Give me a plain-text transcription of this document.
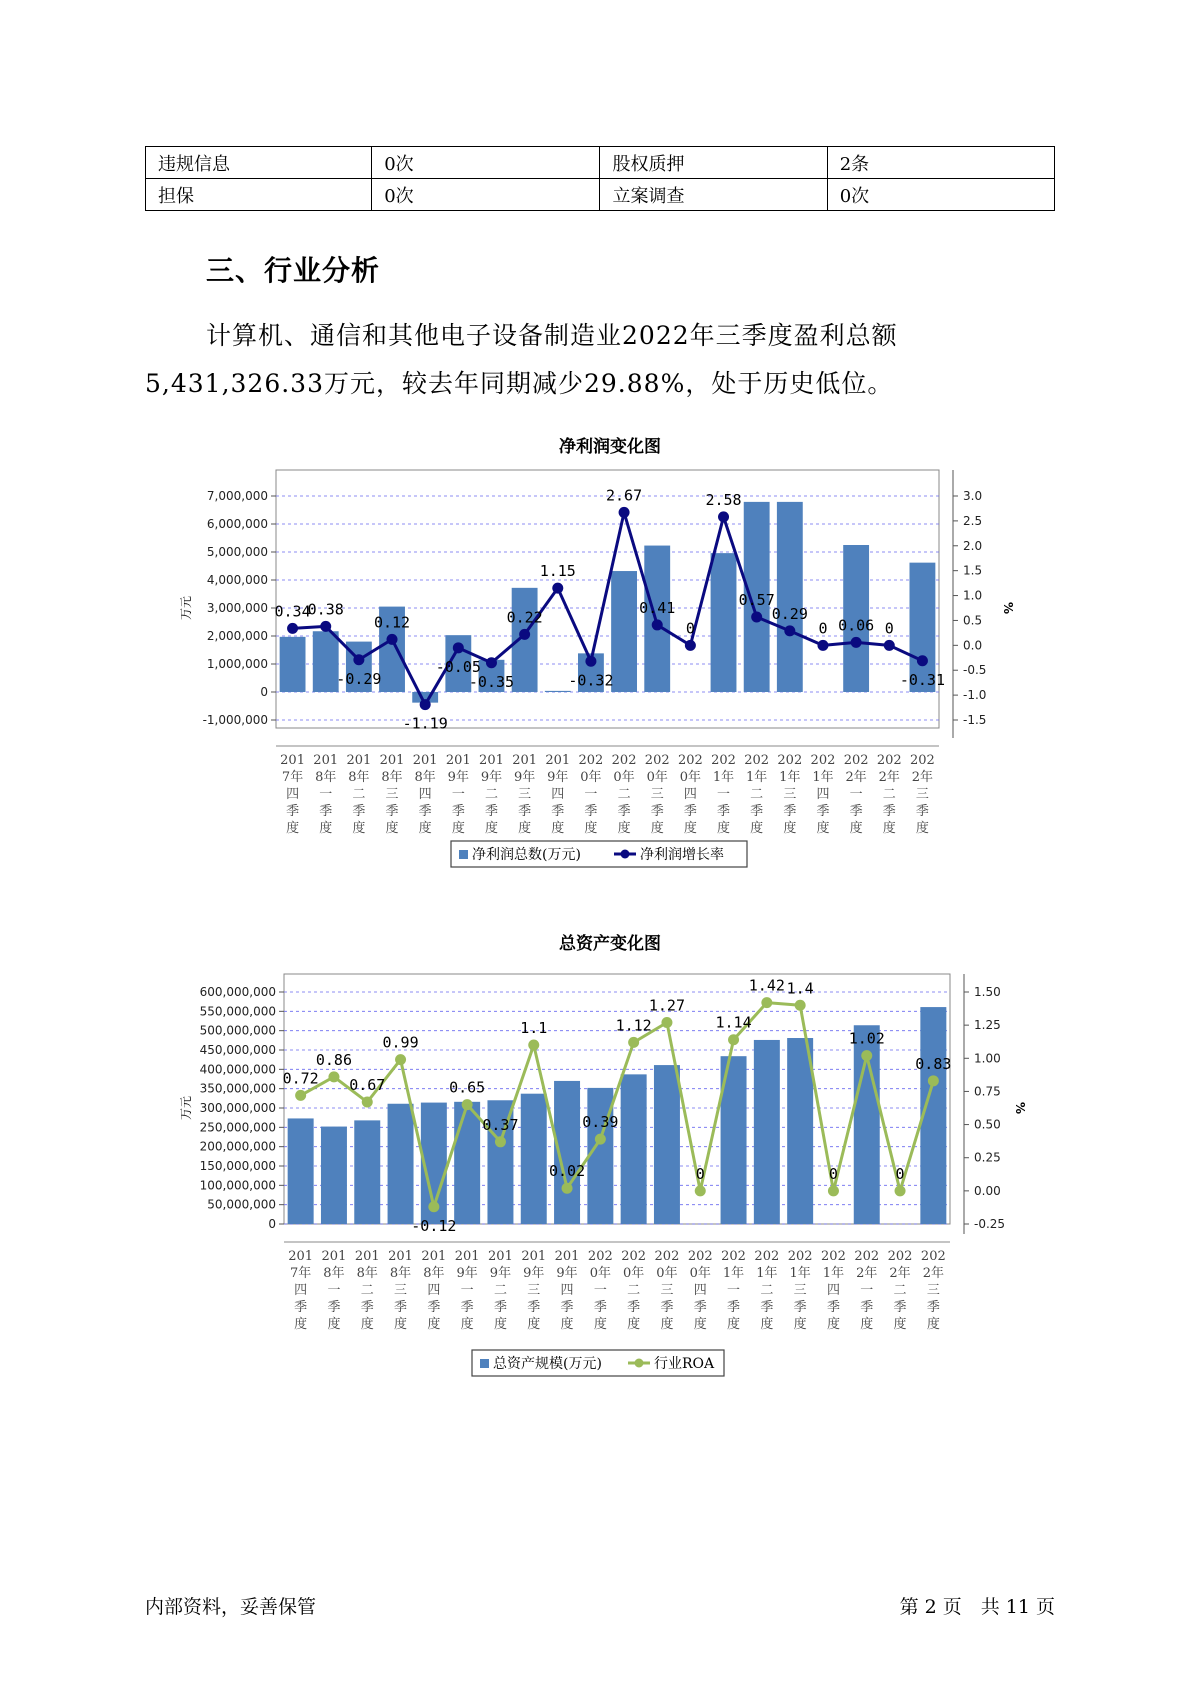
违规信息	0次	股权质押	2条
担保	0次	立案调查	0次
三、行业分析
计算机、通信和其他电子设备制造业2022年三季度盈利总额
5,431,326.33万元，较去年同期减少29.88%，处于历史低位。
净利润变化图
7,000,000
6,000,000
5,000,000
4,000,000
3,000,000
2,000,000
1,000,000
0
-1,000,000
3.0
2.5
2.0
1.5
1.0
0.5
0.0
-0.5
-1.0
-1.5
万元	%
0.34
0.38
-0.29
0.12
-1.19
-0.05
-0.35
0.22
1.15
-0.32
2.67
0.41
0
2.58
0.57
0.29
0 0.06 0
-0.31
201
7年
四
季
度
201
8年
一
季
度
201
8年
二
季
度
201
8年
三
季
度
201
8年
四
季
度
201
9年
一
季
度
201
9年
二
季
度
201
9年
三
季
度
201
9年
四
季
度
202
0年
一
季
度
202
0年
二
季
度
202
0年
三
季
度
202
0年
四
季
度
202
1年
一
季
度
202
1年
二
季
度
202
1年
三
季
度
202
1年
四
季
度
202
2年
一
季
度
202
2年
二
季
度
202
2年
三
季
度
净利润总数(万元)	净利润增长率
总资产变化图
600,000,000
550,000,000
500,000,000
450,000,000
400,000,000
350,000,000
300,000,000
250,000,000
200,000,000
150,000,000
100,000,000
50,000,000
0
1.50
1.25
1.00
0.75
0.50
0.25
0.00
-0.25
万元	%
0.72
0.86
0.67
0.99
-0.12
0.65
0.37
1.1
0.02
0.39
1.12
1.27
0
1.14
1.42 1.4
0
1.02
0
0.83
201
7年
四
季
度
201
8年
一
季
度
201
8年
二
季
度
201
8年
三
季
度
201
8年
四
季
度
201
9年
一
季
度
201
9年
二
季
度
201
9年
三
季
度
201
9年
四
季
度
202
0年
一
季
度
202
0年
二
季
度
202
0年
三
季
度
202
0年
四
季
度
202
1年
一
季
度
202
1年
二
季
度
202
1年
三
季
度
202
1年
四
季
度
202
2年
一
季
度
202
2年
二
季
度
202
2年
三
季
度
总资产规模(万元)	行业ROA
内部资料，妥善保管	第 2 页　共 11 页
